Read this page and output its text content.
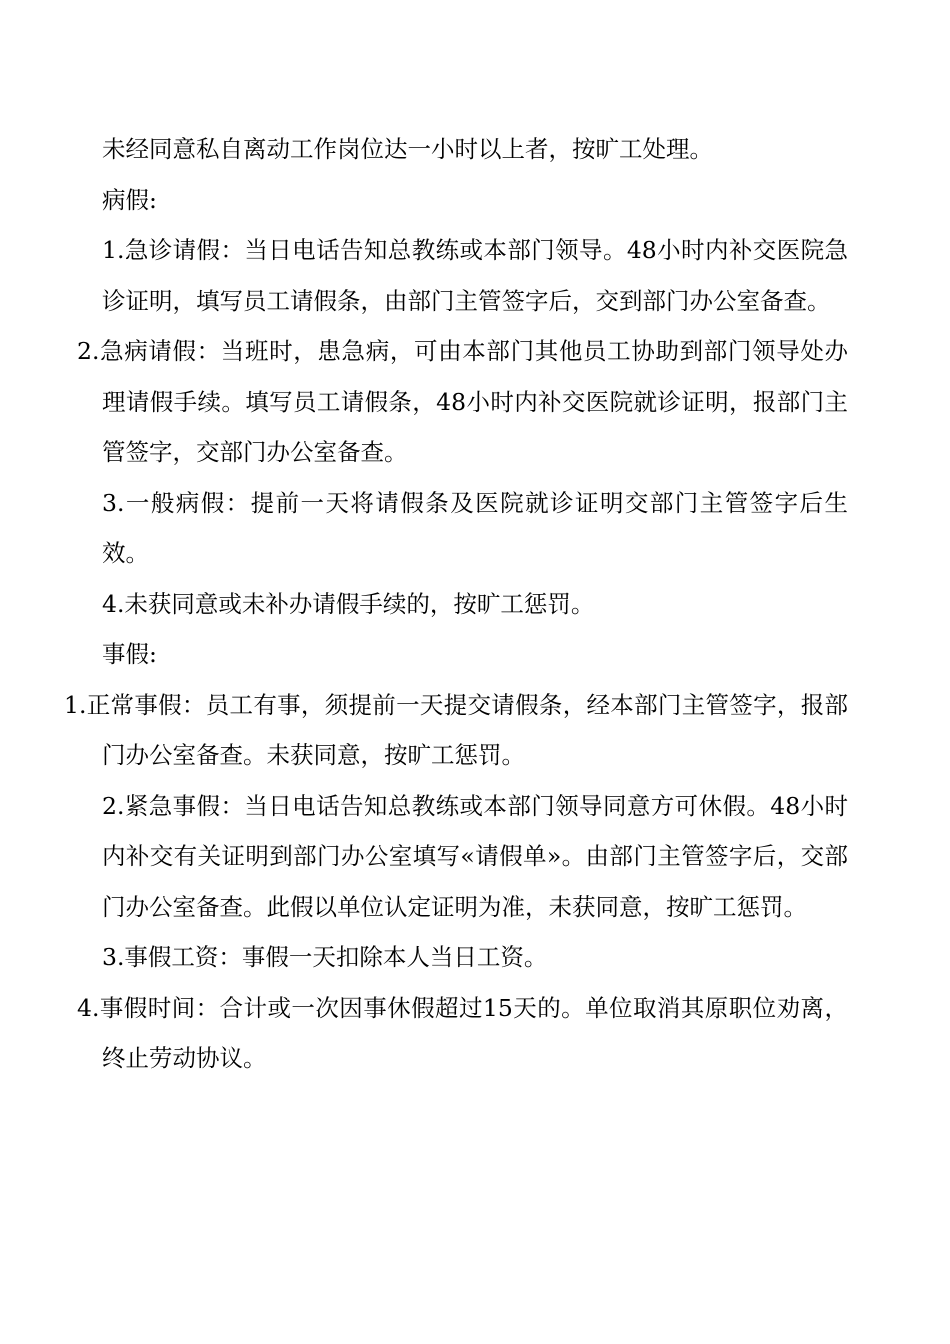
未经同意私自离动工作岗位达一小时以上者，按旷工处理。

病假:

1.急诊请假：当日电话告知总教练或本部门领导。48小时内补交医院急诊证明，填写员工请假条，由部门主管签字后，交到部门办公室备查。

2.急病请假：当班时，患急病，可由本部门其他员工协助到部门领导处办理请假手续。填写员工请假条，48小时内补交医院就诊证明，报部门主管签字，交部门办公室备查。

3.一般病假：提前一天将请假条及医院就诊证明交部门主管签字后生效。

4.未获同意或未补办请假手续的，按旷工惩罚。

事假:

1.正常事假：员工有事，须提前一天提交请假条，经本部门主管签字，报部门办公室备查。未获同意，按旷工惩罚。

2.紧急事假：当日电话告知总教练或本部门领导同意方可休假。48小时内补交有关证明到部门办公室填写«请假单»。由部门主管签字后，交部门办公室备查。此假以单位认定证明为准，未获同意，按旷工惩罚。

3.事假工资：事假一天扣除本人当日工资。

4.事假时间：合计或一次因事休假超过15天的。单位取消其原职位劝离，终止劳动协议。
